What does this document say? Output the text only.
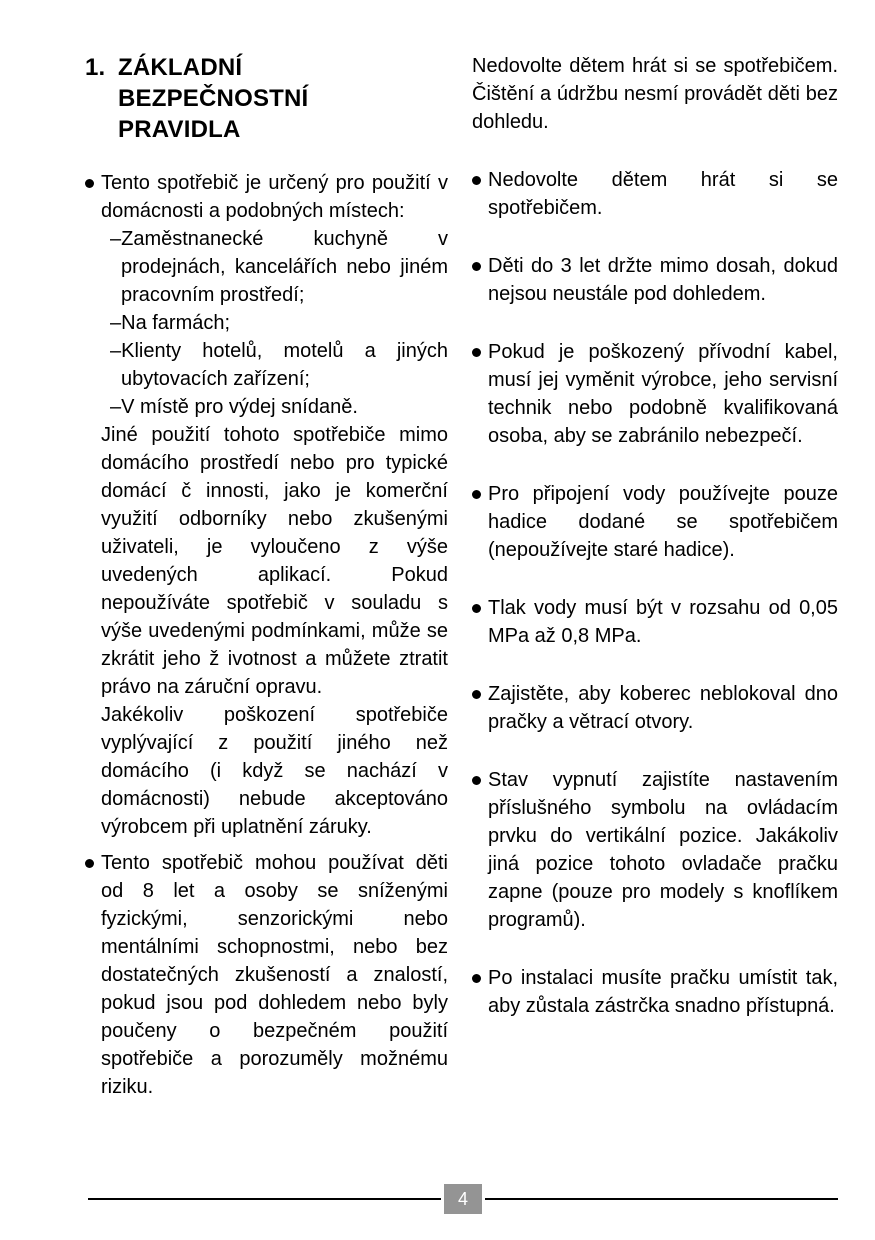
1. ZÁKLADNÍ
BEZPEČNOSTNÍ
PRAVIDLA

Tento spotřebič je určený pro použití v domácnosti a podobných místech:

–Zaměstnanecké kuchyně v prodejnách, kancelářích nebo jiném pracovním prostředí;

–Na farmách;

–Klienty hotelů, motelů a jiných ubytovacích zařízení;

–V místě pro výdej snídaně.

Jiné použití tohoto spotřebiče mimo domácího prostředí nebo pro typické domácí č innosti, jako je komerční využití odborníky nebo zkušenými uživateli, je vyloučeno z výše uvedených aplikací. Pokud nepoužíváte spotřebič v souladu s výše uvedenými podmínkami, může se zkrátit jeho ž ivotnost a můžete ztratit právo na záruční opravu.

Jakékoliv poškození spotřebiče vyplývající z použití jiného než domácího (i když se nachází v domácnosti) nebude akceptováno výrobcem při uplatnění záruky.

Tento spotřebič mohou používat děti od 8 let a osoby se sníženými fyzickými, senzorickými nebo mentálními schopnostmi, nebo bez dostatečných zkušeností a znalostí, pokud jsou pod dohledem nebo byly poučeny o bezpečném použití spotřebiče a porozuměly možnému riziku.

Nedovolte dětem hrát si se spotřebičem. Čištění a údržbu nesmí provádět děti bez dohledu.

Nedovolte dětem hrát si se spotřebičem.

Děti do 3 let držte mimo dosah, dokud nejsou neustále pod dohledem.

Pokud je poškozený přívodní kabel, musí jej vyměnit výrobce, jeho servisní technik nebo podobně kvalifikovaná osoba, aby se zabránilo nebezpečí.

Pro připojení vody používejte pouze hadice dodané se spotřebičem (nepoužívejte staré hadice).

Tlak vody musí být v rozsahu od 0,05 MPa až 0,8 MPa.

Zajistěte, aby koberec neblokoval dno pračky a větrací otvory.

Stav vypnutí zajistíte nastavením příslušného symbolu na ovládacím prvku do vertikální pozice. Jakákoliv jiná pozice tohoto ovladače pračku zapne (pouze pro modely s knoflíkem programů).

Po instalaci musíte pračku umístit tak, aby zůstala zástrčka snadno přístupná.

4
